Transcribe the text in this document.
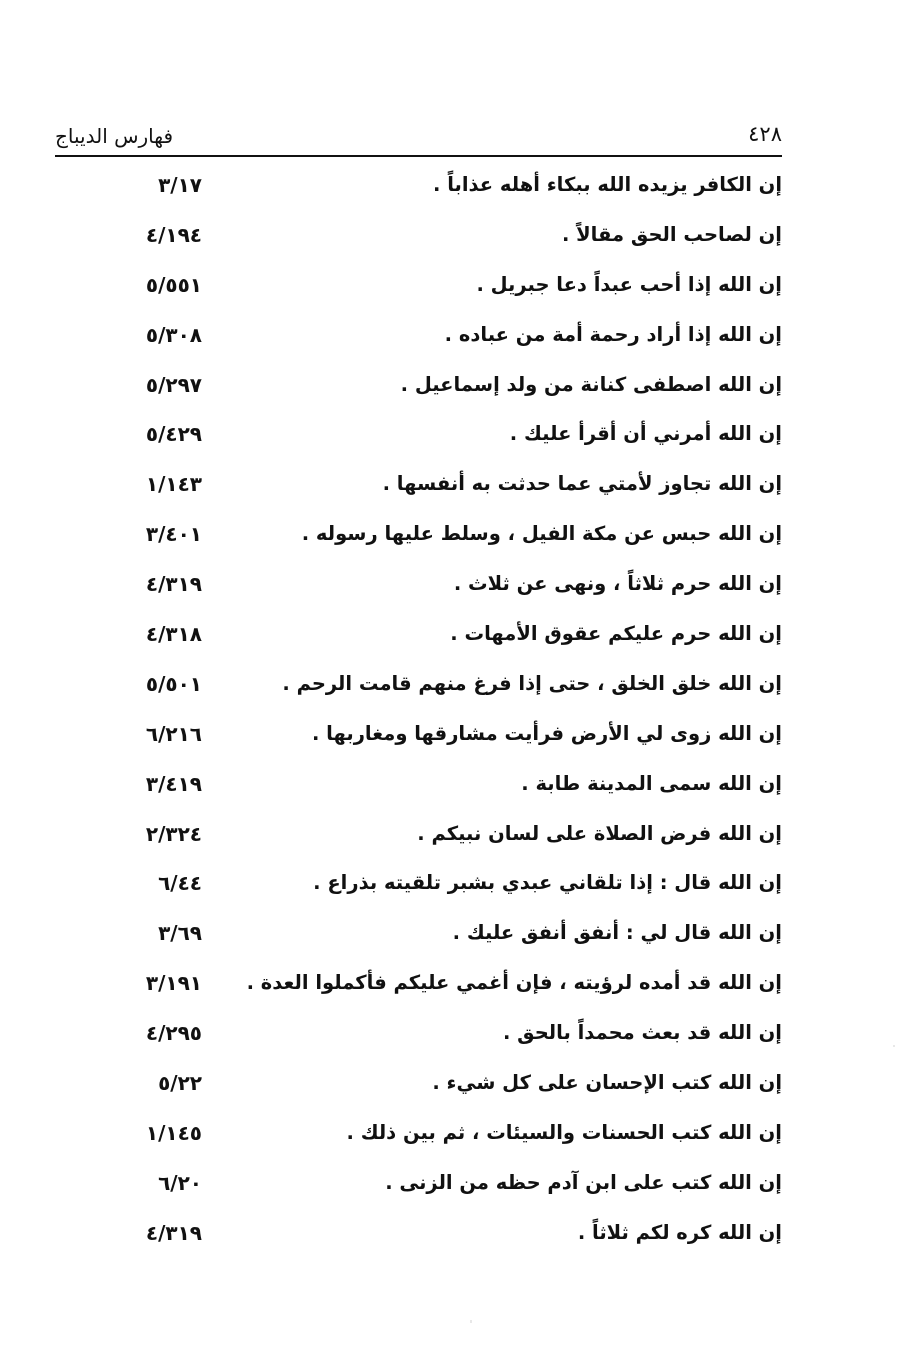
فهارس الديباج	٤٢٨
إن الكافر يزيده الله ببكاء أهله عذاباً .
٣/١٧
إن لصاحب الحق مقالاً .
٤/١٩٤
إن الله إذا أحب عبداً دعا جبريل .
٥/٥٥١
إن الله إذا أراد رحمة أمة من عباده .
٥/٣٠٨
إن الله اصطفى كنانة من ولد إسماعيل .
٥/٢٩٧
إن الله أمرني أن أقرأ عليك .
٥/٤٢٩
إن الله تجاوز لأمتي عما حدثت به أنفسها .
١/١٤٣
إن الله حبس عن مكة الفيل ، وسلط عليها رسوله .
٣/٤٠١
إن الله حرم ثلاثاً ، ونهى عن ثلاث .
٤/٣١٩
إن الله حرم عليكم عقوق الأمهات .
٤/٣١٨
إن الله خلق الخلق ، حتى إذا فرغ منهم قامت الرحم .
٥/٥٠١
إن الله زوى لي الأرض فرأيت مشارقها ومغاربها .
٦/٢١٦
إن الله سمى المدينة طابة .
٣/٤١٩
إن الله فرض الصلاة على لسان نبيكم .
٢/٣٢٤
إن الله قال : إذا تلقاني عبدي بشبر تلقيته بذراع .
٦/٤٤
إن الله قال لي : أنفق أنفق عليك .
٣/٦٩
إن الله قد أمده لرؤيته ، فإن أغمي عليكم فأكملوا العدة .
٣/١٩١
إن الله قد بعث محمداً بالحق .
٤/٢٩٥
إن الله كتب الإحسان على كل شيء .
٥/٢٢
إن الله كتب الحسنات والسيئات ، ثم بين ذلك .
١/١٤٥
إن الله كتب على ابن آدم حظه من الزنى .
٦/٢٠
إن الله كره لكم ثلاثاً .
٤/٣١٩
